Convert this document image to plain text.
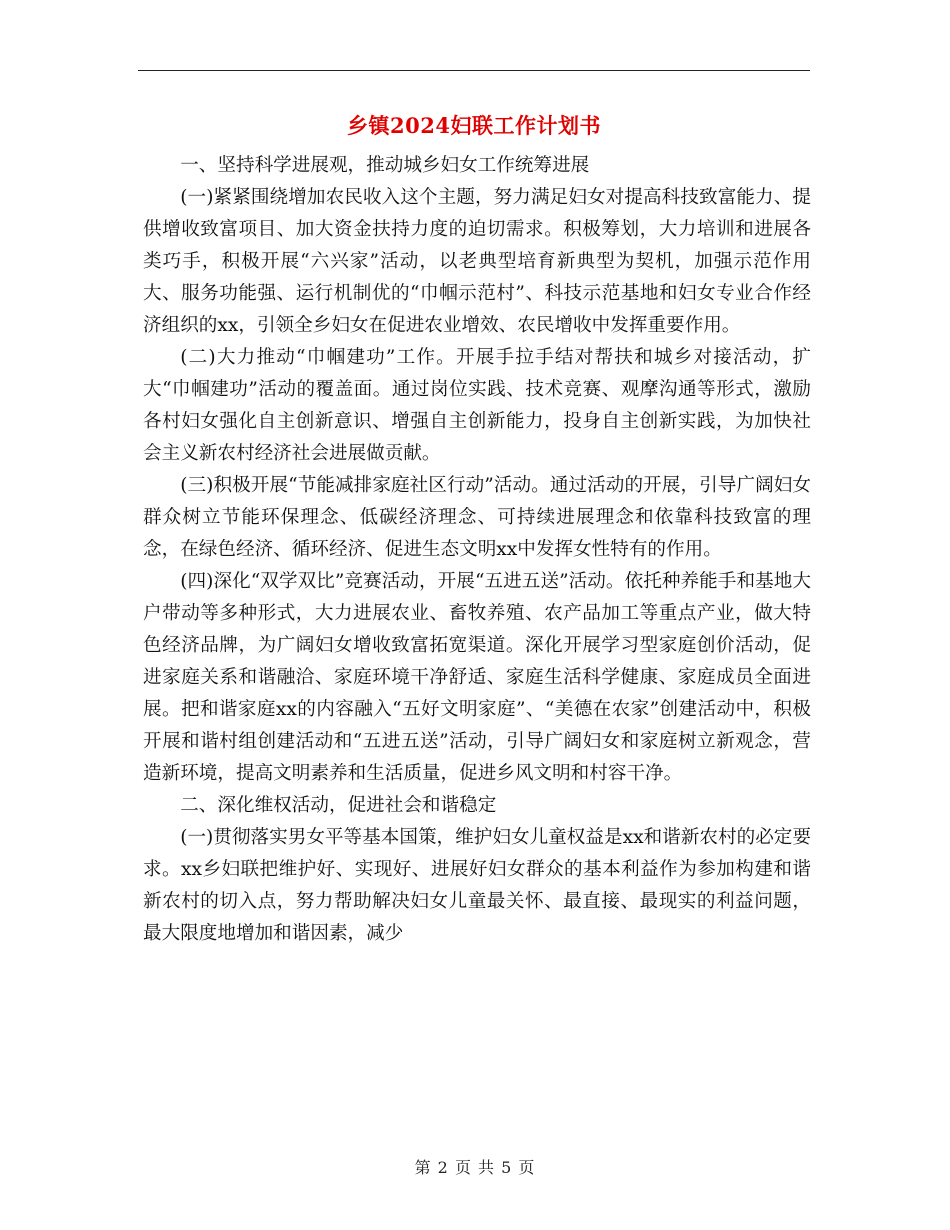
乡镇2024妇联工作计划书

一、坚持科学进展观，推动城乡妇女工作统筹进展

(一)紧紧围绕增加农民收入这个主题，努力满足妇女对提高科技致富能力、提供增收致富项目、加大资金扶持力度的迫切需求。积极筹划，大力培训和进展各类巧手，积极开展“六兴家”活动，以老典型培育新典型为契机，加强示范作用大、服务功能强、运行机制优的“巾帼示范村”、科技示范基地和妇女专业合作经济组织的xx，引领全乡妇女在促进农业增效、农民增收中发挥重要作用。

(二)大力推动“巾帼建功”工作。开展手拉手结对帮扶和城乡对接活动，扩大“巾帼建功”活动的覆盖面。通过岗位实践、技术竞赛、观摩沟通等形式，激励各村妇女强化自主创新意识、增强自主创新能力，投身自主创新实践，为加快社会主义新农村经济社会进展做贡献。

(三)积极开展“节能减排家庭社区行动”活动。通过活动的开展，引导广阔妇女群众树立节能环保理念、低碳经济理念、可持续进展理念和依靠科技致富的理念，在绿色经济、循环经济、促进生态文明xx中发挥女性特有的作用。

(四)深化“双学双比”竞赛活动，开展“五进五送”活动。依托种养能手和基地大户带动等多种形式，大力进展农业、畜牧养殖、农产品加工等重点产业，做大特色经济品牌，为广阔妇女增收致富拓宽渠道。深化开展学习型家庭创价活动，促进家庭关系和谐融洽、家庭环境干净舒适、家庭生活科学健康、家庭成员全面进展。把和谐家庭xx的内容融入“五好文明家庭”、“美德在农家”创建活动中，积极开展和谐村组创建活动和“五进五送”活动，引导广阔妇女和家庭树立新观念，营造新环境，提高文明素养和生活质量，促进乡风文明和村容干净。

二、深化维权活动，促进社会和谐稳定

(一)贯彻落实男女平等基本国策，维护妇女儿童权益是xx和谐新农村的必定要求。xx乡妇联把维护好、实现好、进展好妇女群众的基本利益作为参加构建和谐新农村的切入点，努力帮助解决妇女儿童最关怀、最直接、最现实的利益问题，最大限度地增加和谐因素，减少

第 2 页 共 5 页
